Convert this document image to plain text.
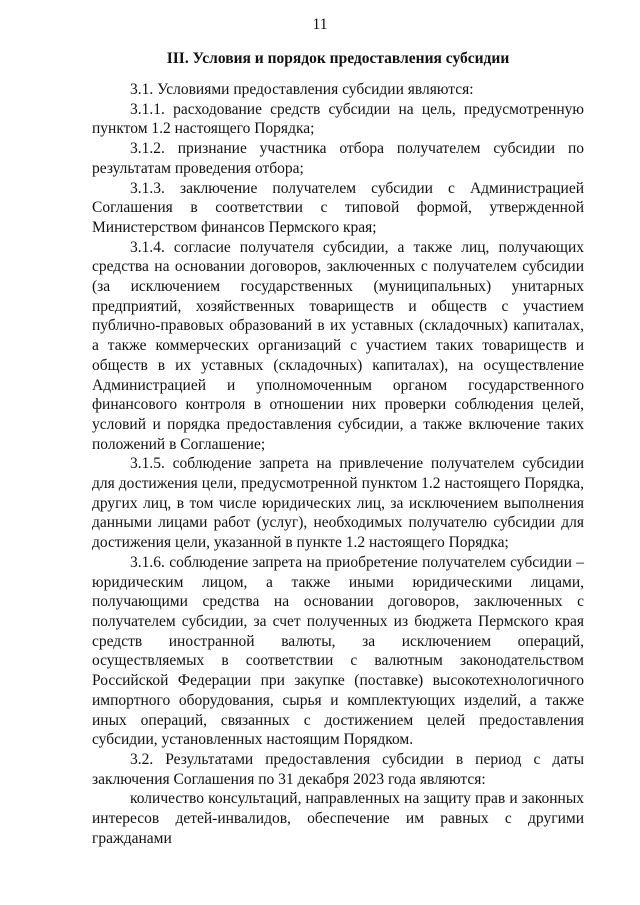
11
III. Условия и порядок предоставления субсидии

3.1. Условиями предоставления субсидии являются:

3.1.1. расходование средств субсидии на цель, предусмотренную пунктом 1.2 настоящего Порядка;

3.1.2. признание участника отбора получателем субсидии по результатам проведения отбора;

3.1.3. заключение получателем субсидии с Администрацией Соглашения в соответствии с типовой формой, утвержденной Министерством финансов Пермского края;

3.1.4. согласие получателя субсидии, а также лиц, получающих средства на основании договоров, заключенных с получателем субсидии (за исключением государственных (муниципальных) унитарных предприятий, хозяйственных товариществ и обществ с участием публично-правовых образований в их уставных (складочных) капиталах, а также коммерческих организаций с участием таких товариществ и обществ в их уставных (складочных) капиталах), на осуществление Администрацией и уполномоченным органом государственного финансового контроля в отношении них проверки соблюдения целей, условий и порядка предоставления субсидии, а также включение таких положений в Соглашение;

3.1.5. соблюдение запрета на привлечение получателем субсидии для достижения цели, предусмотренной пунктом 1.2 настоящего Порядка, других лиц, в том числе юридических лиц, за исключением выполнения данными лицами работ (услуг), необходимых получателю субсидии для достижения цели, указанной в пункте 1.2 настоящего Порядка;

3.1.6. соблюдение запрета на приобретение получателем субсидии – юридическим лицом, а также иными юридическими лицами, получающими средства на основании договоров, заключенных с получателем субсидии, за счет полученных из бюджета Пермского края средств иностранной валюты, за исключением операций, осуществляемых в соответствии с валютным законодательством Российской Федерации при закупке (поставке) высокотехнологичного импортного оборудования, сырья и комплектующих изделий, а также иных операций, связанных с достижением целей предоставления субсидии, установленных настоящим Порядком.

3.2. Результатами предоставления субсидии в период с даты заключения Соглашения по 31 декабря 2023 года являются:

количество консультаций, направленных на защиту прав и законных интересов детей-инвалидов, обеспечение им равных с другими гражданами
